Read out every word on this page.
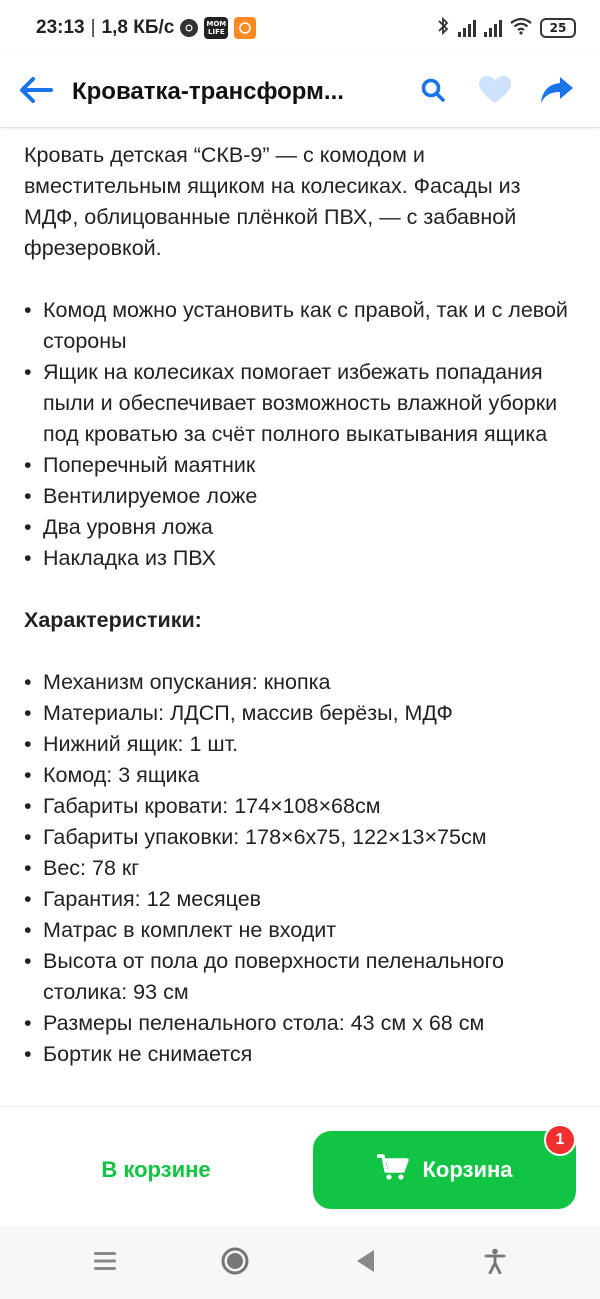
23:13 | 1,8 КБ/с	MOM LIFE	25
Кроватка-трансформ...

Кровать детская “СКВ-9” — с комодом и вместительным ящиком на колесиках. Фасады из МДФ, облицованные плёнкой ПВХ, — с забавной фрезеровкой.

• Комод можно установить как с правой, так и с левой стороны
• Ящик на колесиках помогает избежать попадания пыли и обеспечивает возможность влажной уборки под кроватью за счёт полного выкатывания ящика
• Поперечный маятник
• Вентилируемое ложе
• Два уровня ложа
• Накладка из ПВХ

Характеристики:

• Механизм опускания: кнопка
• Материалы: ЛДСП, массив берёзы, МДФ
• Нижний ящик: 1 шт.
• Комод: 3 ящика
• Габариты кровати: 174×108×68см
• Габариты упаковки: 178×6х75, 122×13×75см
• Вес: 78 кг
• Гарантия: 12 месяцев
• Матрас в комплект не входит
• Высота от пола до поверхности пеленального столика: 93 см
• Размеры пеленального стола: 43 см х 68 см
• Бортик не снимается
В корзине	Корзина
1
